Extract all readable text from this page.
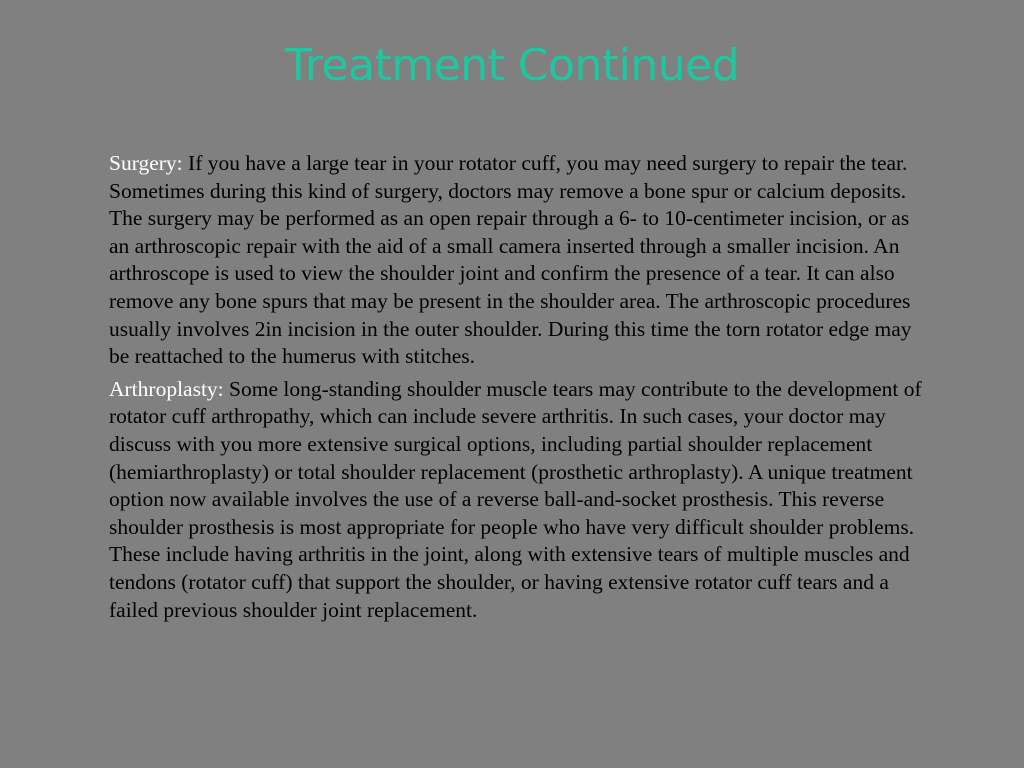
Treatment Continued

Surgery: If you have a large tear in your rotator cuff, you may need surgery to repair the tear. Sometimes during this kind of surgery, doctors may remove a bone spur or calcium deposits. The surgery may be performed as an open repair through a 6- to 10-centimeter incision, or as an arthroscopic repair with the aid of a small camera inserted through a smaller incision. An arthroscope is used to view the shoulder joint and confirm the presence of a tear. It can also remove any bone spurs that may be present in the shoulder area. The arthroscopic procedures usually involves 2in incision in the outer shoulder. During this time the torn rotator edge may be reattached to the humerus with stitches.

Arthroplasty: Some long-standing shoulder muscle tears may contribute to the development of rotator cuff arthropathy, which can include severe arthritis. In such cases, your doctor may discuss with you more extensive surgical options, including partial shoulder replacement (hemiarthroplasty) or total shoulder replacement (prosthetic arthroplasty). A unique treatment option now available involves the use of a reverse ball-and-socket prosthesis. This reverse shoulder prosthesis is most appropriate for people who have very difficult shoulder problems. These include having arthritis in the joint, along with extensive tears of multiple muscles and tendons (rotator cuff) that support the shoulder, or having extensive rotator cuff tears and a failed previous shoulder joint replacement.
